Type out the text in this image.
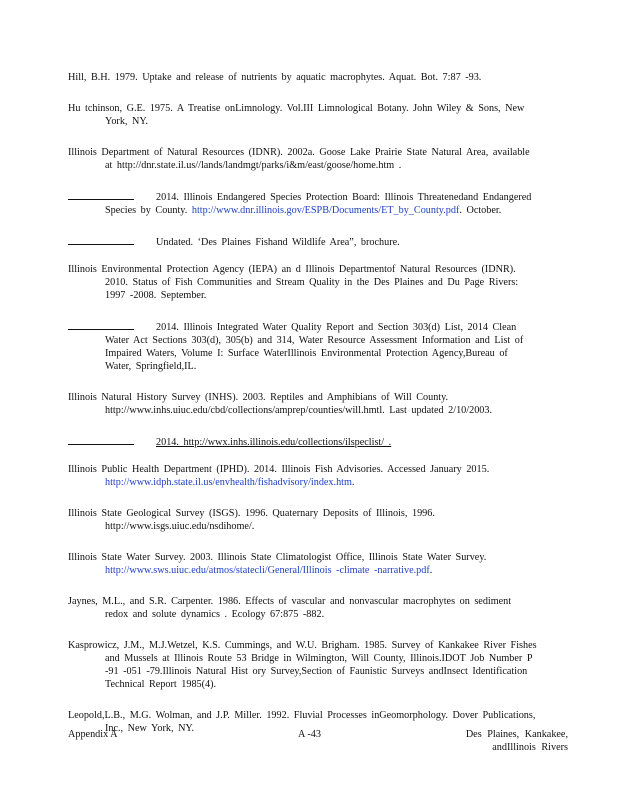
Hill, B.H. 1979. Uptake and release of nutrients by aquatic macrophytes. Aquat. Bot. 7:87 -93.
Hu tchinson, G.E. 1975. A Treatise onLimnology. Vol.III Limnological Botany. John Wiley & Sons, New York, NY.
Illinois Department of Natural Resources (IDNR). 2002a. Goose Lake Prairie State Natural Area, available at http://dnr.state.il.us//lands/landmgt/parks/i&m/east/goose/home.htm .
2014. Illinois Endangered Species Protection Board: Illinois Threatenedand Endangered Species by County. http://www.dnr.illinois.gov/ESPB/Documents/ET_by_County.pdf. October.
Undated. ‘Des Plaines Fishand Wildlife Area”, brochure.
Illinois Environmental Protection Agency (IEPA) an d Illinois Departmentof Natural Resources (IDNR). 2010. Status of Fish Communities and Stream Quality in the Des Plaines and Du Page Rivers: 1997 -2008. September.
2014. Illinois Integrated Water Quality Report and Section 303(d) List, 2014 Clean Water Act Sections 303(d), 305(b) and 314, Water Resource Assessment Information and List of Impaired Waters, Volume I: Surface WaterIllinois Environmental Protection Agency,Bureau of Water, Springfield,IL.
Illinois Natural History Survey (INHS). 2003. Reptiles and Amphibians of Will County. http://www.inhs.uiuc.edu/cbd/collections/amprep/counties/will.hmtl. Last updated 2/10/2003.
2014. http://wwx.inhs.illinois.edu/collections/ilspeclist/ .
Illinois Public Health Department (IPHD). 2014. Illinois Fish Advisories. Accessed January 2015. http://www.idph.state.il.us/envhealth/fishadvisory/index.htm.
Illinois State Geological Survey (ISGS). 1996. Quaternary Deposits of Illinois, 1996. http://www.isgs.uiuc.edu/nsdihome/.
Illinois State Water Survey. 2003. Illinois State Climatologist Office, Illinois State Water Survey. http://www.sws.uiuc.edu/atmos/statecli/General/Illinois -climate -narrative.pdf.
Jaynes, M.L., and S.R. Carpenter. 1986. Effects of vascular and nonvascular macrophytes on sediment redox and solute dynamics . Ecology 67:875 -882.
Kasprowicz, J.M., M.J.Wetzel, K.S. Cummings, and W.U. Brigham. 1985. Survey of Kankakee River Fishes and Mussels at Illinois Route 53 Bridge in Wilmington, Will County, Illinois.IDOT Job Number P -91 -051 -79.Illinois Natural Hist ory Survey,Section of Faunistic Surveys andInsect Identification Technical Report 1985(4).
Leopold,L.B., M.G. Wolman, and J.P. Miller. 1992. Fluvial Processes inGeomorphology. Dover Publications, Inc., New York, NY.
Appendix A	A -43	Des Plaines, Kankakee, andIllinois Rivers
